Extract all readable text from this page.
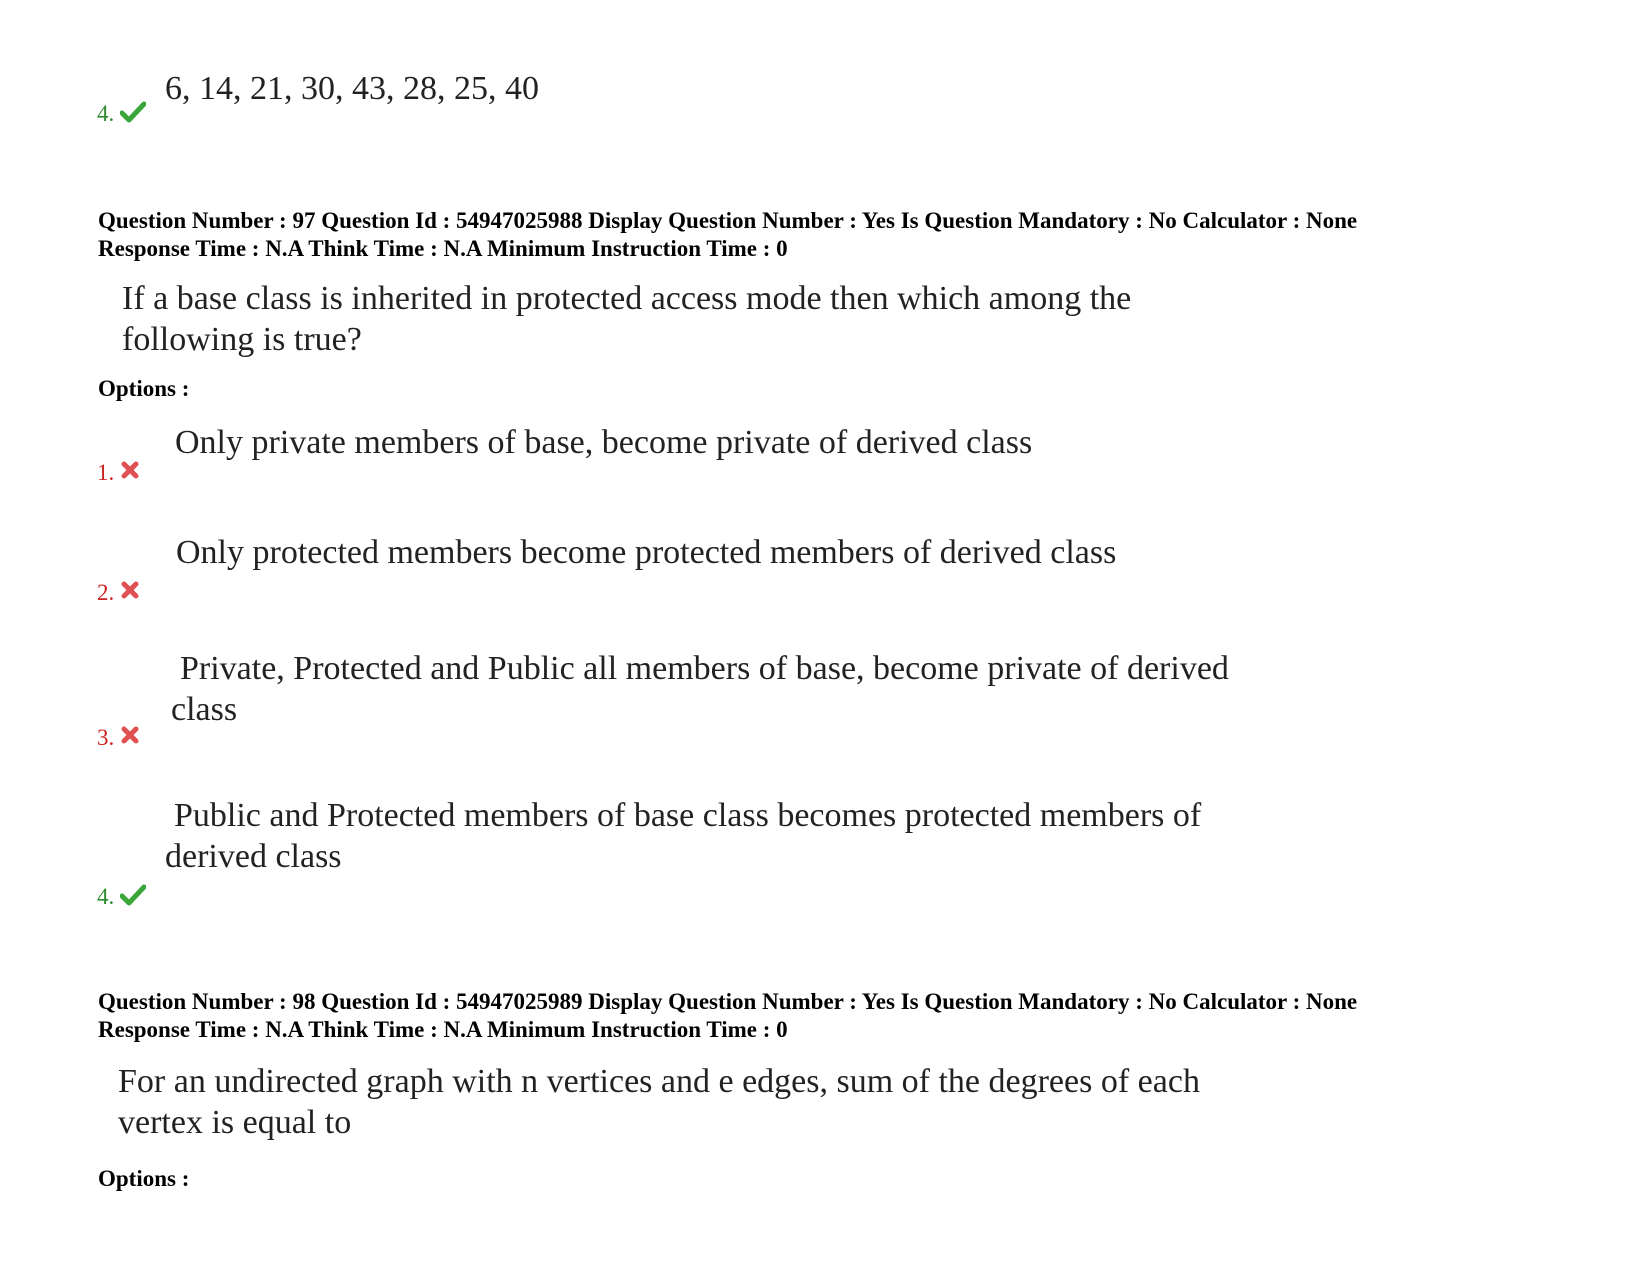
6, 14, 21, 30, 43, 28, 25, 40
4.
Question Number : 97 Question Id : 54947025988 Display Question Number : Yes Is Question Mandatory : No Calculator : None
Response Time : N.A Think Time : N.A Minimum Instruction Time : 0
If a base class is inherited in protected access mode then which among the
following is true?
Options :
Only private members of base, become private of derived class
1.
Only protected members become protected members of derived class
2.
Private, Protected and Public all members of base, become private of derived
class
3.
Public and Protected members of base class becomes protected members of
derived class
4.
Question Number : 98 Question Id : 54947025989 Display Question Number : Yes Is Question Mandatory : No Calculator : None
Response Time : N.A Think Time : N.A Minimum Instruction Time : 0
For an undirected graph with n vertices and e edges, sum of the degrees of each
vertex is equal to
Options :
